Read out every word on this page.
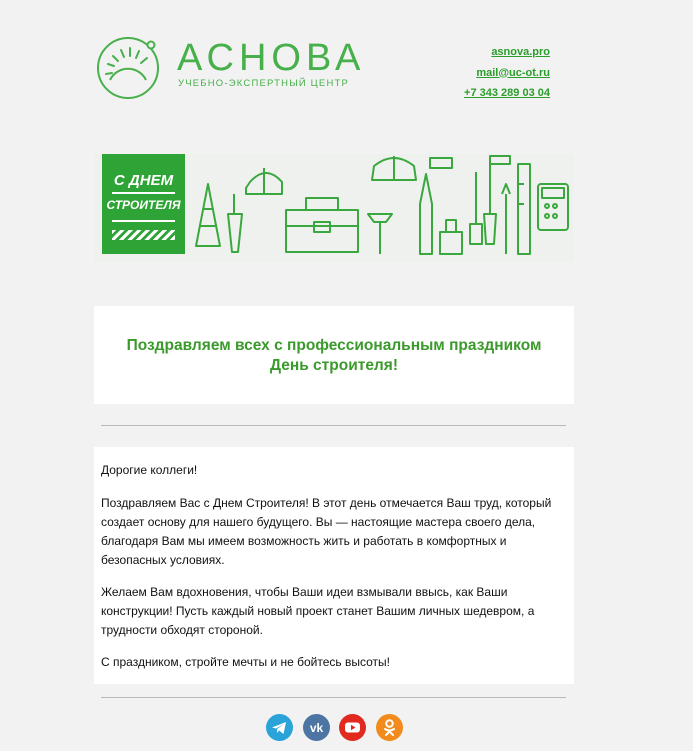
АСНОВА
УЧЕБНО-ЭКСПЕРТНЫЙ ЦЕНТР
asnova.pro
mail@uc-ot.ru
+7 343 289 03 04
С ДНЕМ
СТРОИТЕЛЯ
Поздравляем всех с профессиональным праздником
День строителя!

Дорогие коллеги!

Поздравляем Вас с Днем Строителя! В этот день отмечается Ваш труд, который создает основу для нашего будущего. Вы — настоящие мастера своего дела, благодаря Вам мы имеем возможность жить и работать в комфортных и безопасных условиях.

Желаем Вам вдохновения, чтобы Ваши идеи взмывали ввысь, как Ваши конструкции! Пусть каждый новый проект станет Вашим личных шедевром, а трудности обходят стороной.

С праздником, стройте мечты и не бойтесь высоты!

vk
